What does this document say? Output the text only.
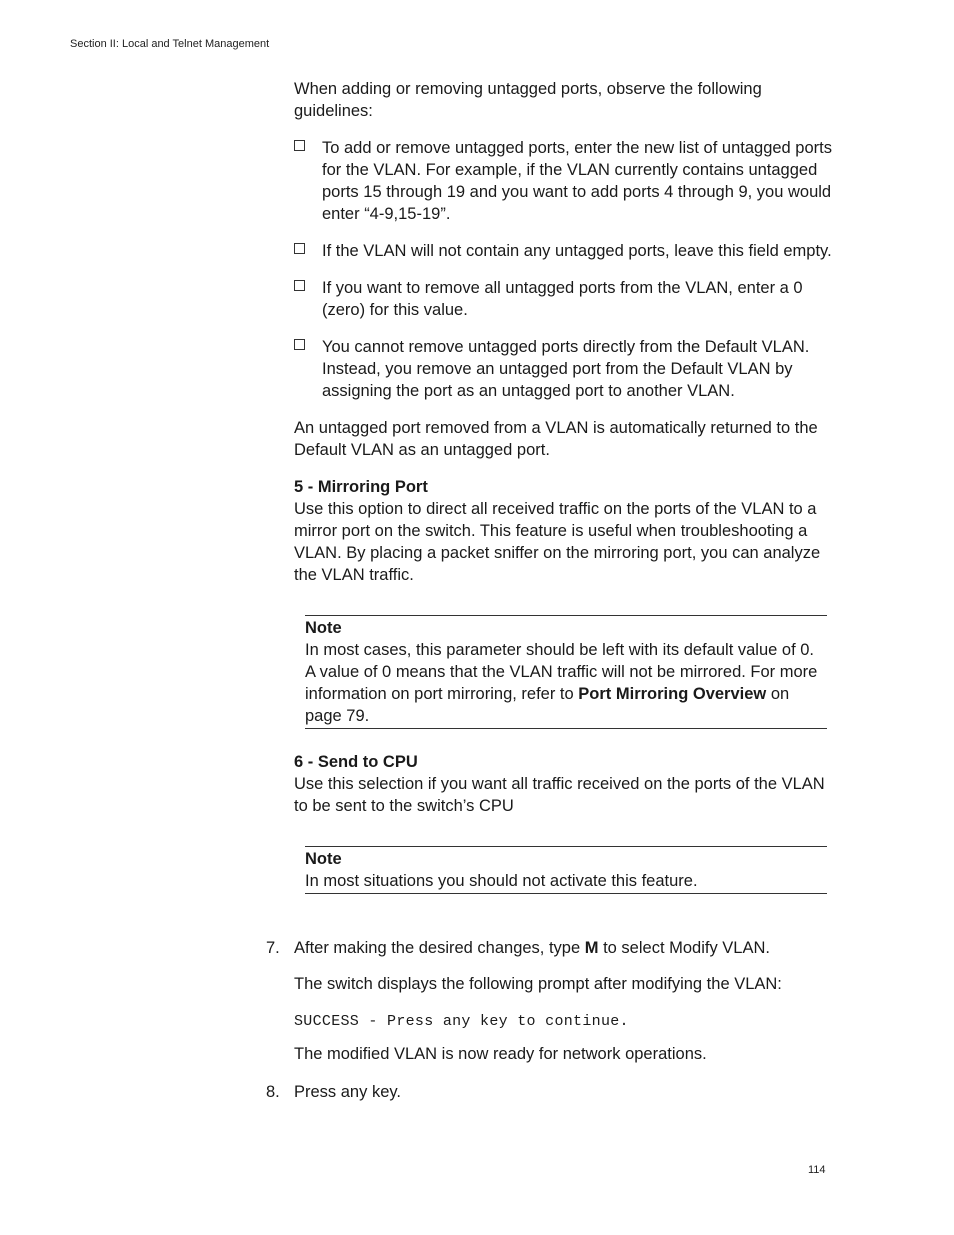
Section II: Local and Telnet Management

When adding or removing untagged ports, observe the following guidelines:

To add or remove untagged ports, enter the new list of untagged ports for the VLAN. For example, if the VLAN currently contains untagged ports 15 through 19 and you want to add ports 4 through 9, you would enter “4-9,15-19”.
If the VLAN will not contain any untagged ports, leave this field empty.
If you want to remove all untagged ports from the VLAN, enter a 0 (zero) for this value.
You cannot remove untagged ports directly from the Default VLAN. Instead, you remove an untagged port from the Default VLAN by assigning the port as an untagged port to another VLAN.

An untagged port removed from a VLAN is automatically returned to the Default VLAN as an untagged port.

5 - Mirroring Port

Use this option to direct all received traffic on the ports of the VLAN to a mirror port on the switch. This feature is useful when troubleshooting a VLAN. By placing a packet sniffer on the mirroring port, you can analyze the VLAN traffic.

Note
In most cases, this parameter should be left with its default value of 0. A value of 0 means that the VLAN traffic will not be mirrored. For more information on port mirroring, refer to Port Mirroring Overview on page 79.

6 - Send to CPU

Use this selection if you want all traffic received on the ports of the VLAN to be sent to the switch’s CPU

Note
In most situations you should not activate this feature.
7. After making the desired changes, type M to select Modify VLAN.
The switch displays the following prompt after modifying the VLAN:
SUCCESS - Press any key to continue.
The modified VLAN is now ready for network operations.
8. Press any key.
114
